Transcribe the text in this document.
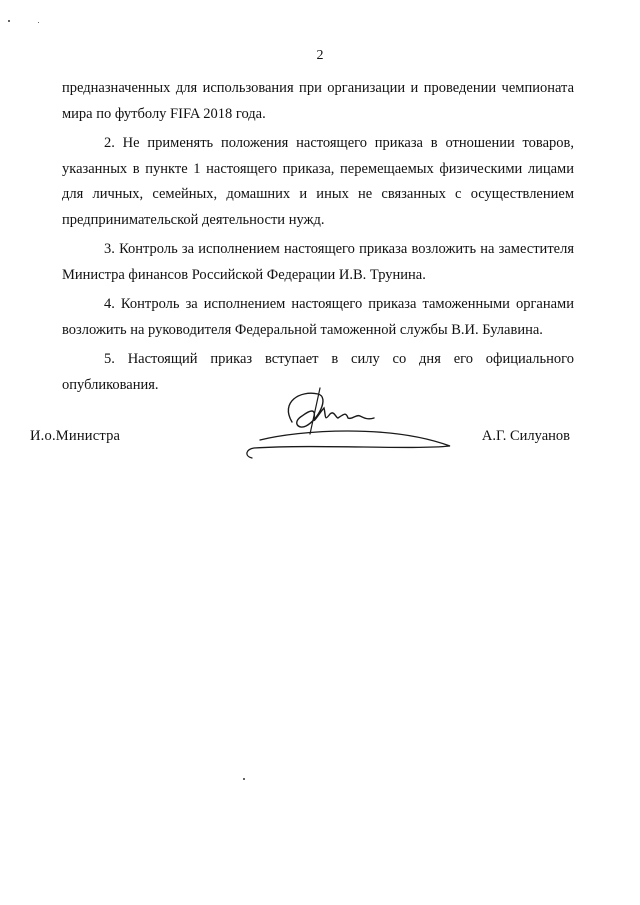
2

предназначенных для использования при организации и проведении чемпионата мира по футболу FIFA 2018 года.

2. Не применять положения настоящего приказа в отношении товаров, указанных в пункте 1 настоящего приказа, перемещаемых физическими лицами для личных, семейных, домашних и иных не связанных с осуществлением предпринимательской деятельности нужд.

3. Контроль за исполнением настоящего приказа возложить на заместителя Министра финансов Российской Федерации И.В. Трунина.

4. Контроль за исполнением настоящего приказа таможенными органами возложить на руководителя Федеральной таможенной службы В.И. Булавина.

5. Настоящий приказ вступает в силу со дня его официального опубликования.

И.о.Министра	А.Г. Силуанов
